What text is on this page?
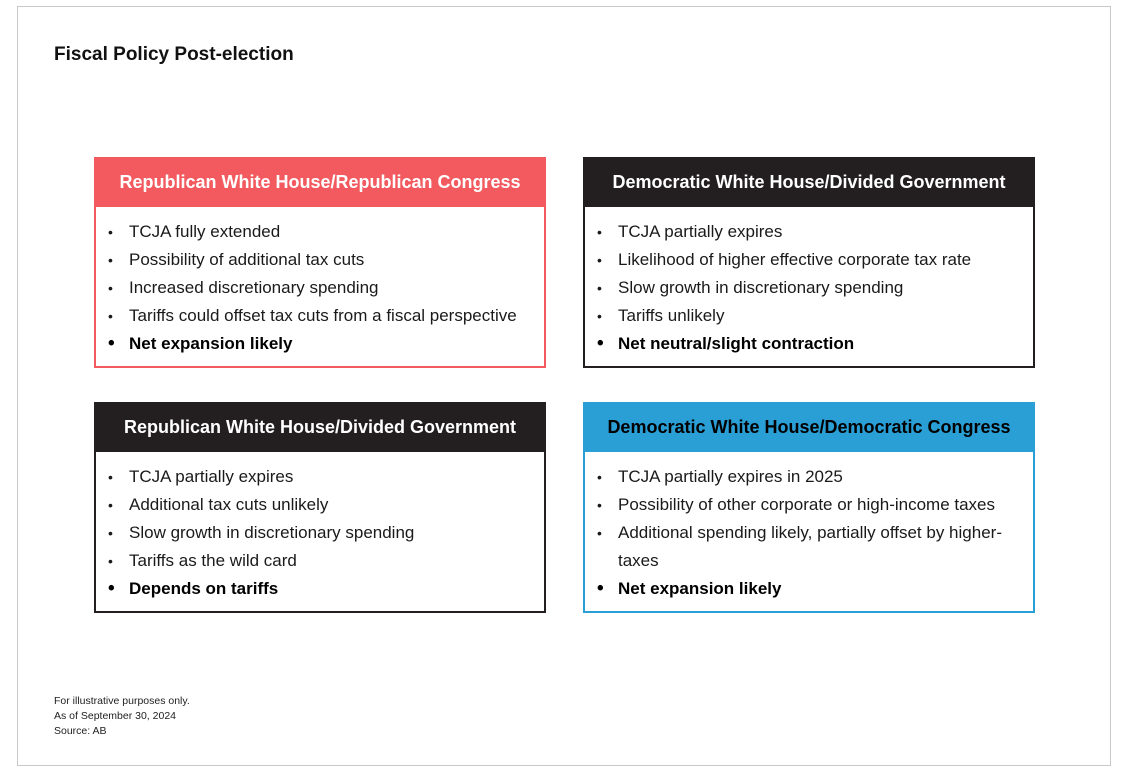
Fiscal Policy Post-election
Republican White House/Republican Congress
• TCJA fully extended
• Possibility of additional tax cuts
• Increased discretionary spending
• Tariffs could offset tax cuts from a fiscal perspective
• Net expansion likely
Democratic White House/Divided Government
• TCJA partially expires
• Likelihood of higher effective corporate tax rate
• Slow growth in discretionary spending
• Tariffs unlikely
• Net neutral/slight contraction
Republican White House/Divided Government
• TCJA partially expires
• Additional tax cuts unlikely
• Slow growth in discretionary spending
• Tariffs as the wild card
• Depends on tariffs
Democratic White House/Democratic Congress
• TCJA partially expires in 2025
• Possibility of other corporate or high-income taxes
• Additional spending likely, partially offset by higher-taxes
• Net expansion likely
For illustrative purposes only.
As of September 30, 2024
Source: AB
